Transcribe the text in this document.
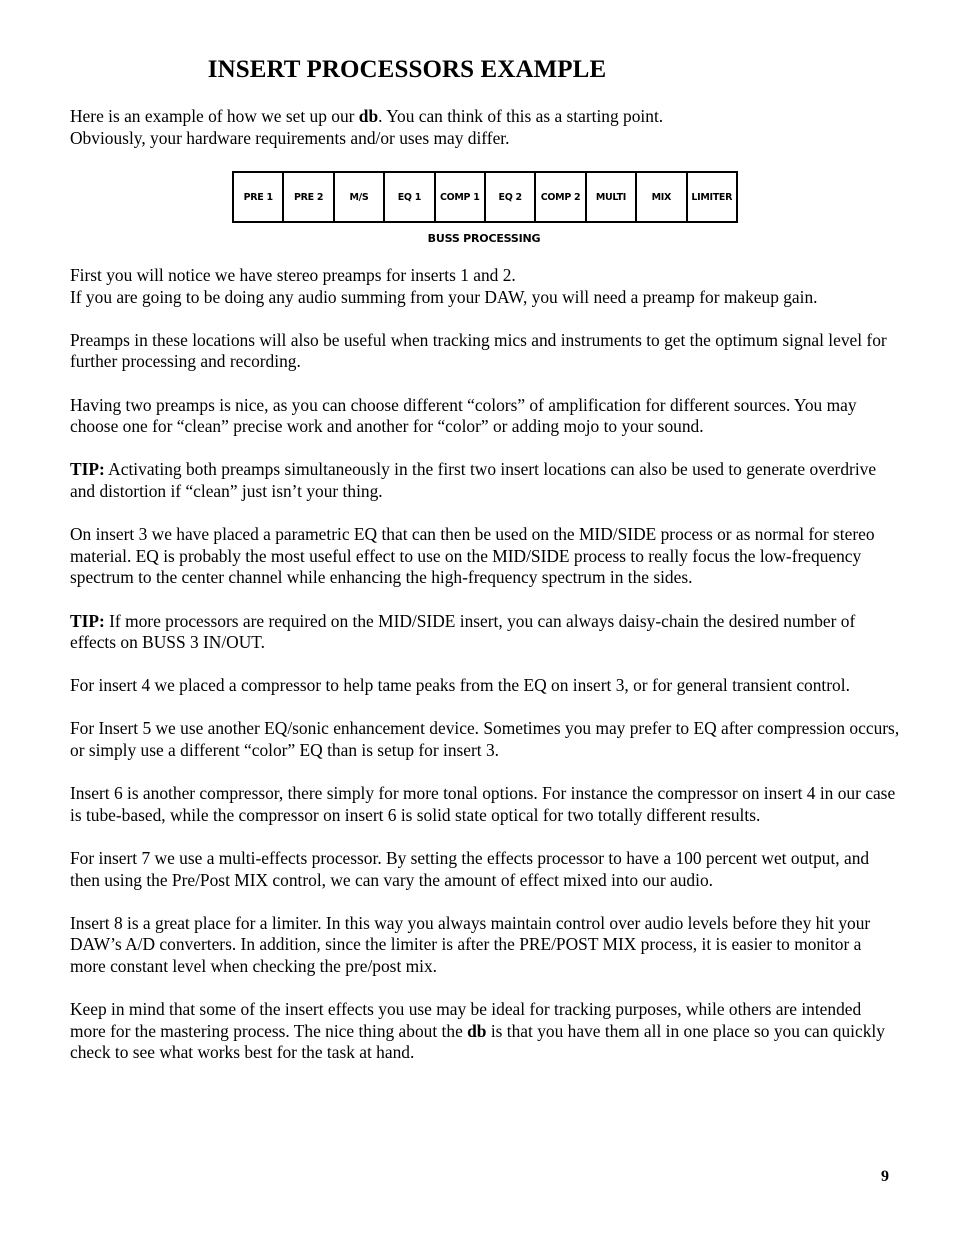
INSERT PROCESSORS EXAMPLE
Here is an example of how we set up our db. You can think of this as a starting point.
Obviously, your hardware requirements and/or uses may differ.
PRE 1	PRE 2	M/S	EQ 1	COMP 1	EQ 2	COMP 2	MULTI	MIX	LIMITER
BUSS PROCESSING

First you will notice we have stereo preamps for inserts 1 and 2.
If you are going to be doing any audio summing from your DAW, you will need a preamp for makeup gain.

Preamps in these locations will also be useful when tracking mics and instruments to get the optimum signal level for further processing and recording.

Having two preamps is nice, as you can choose different “colors” of amplification for different sources. You may choose one for “clean” precise work and another for “color” or adding mojo to your sound.

TIP: Activating both preamps simultaneously in the first two insert locations can also be used to generate overdrive and distortion if “clean” just isn’t your thing.

On insert 3 we have placed a parametric EQ that can then be used on the MID/SIDE process or as normal for stereo material. EQ is probably the most useful effect to use on the MID/SIDE process to really focus the low-frequency spectrum to the center channel while enhancing the high-frequency spectrum in the sides.

TIP: If more processors are required on the MID/SIDE insert, you can always daisy-chain the desired number of effects on BUSS 3 IN/OUT.

For insert 4 we placed a compressor to help tame peaks from the EQ on insert 3, or for general transient control.

For Insert 5 we use another EQ/sonic enhancement device. Sometimes you may prefer to EQ after compression occurs, or simply use a different “color” EQ than is setup for insert 3.

Insert 6 is another compressor, there simply for more tonal options. For instance the compressor on insert 4 in our case is tube-based, while the compressor on insert 6 is solid state optical for two totally different results.

For insert 7 we use a multi-effects processor. By setting the effects processor to have a 100 percent wet output, and then using the Pre/Post MIX control, we can vary the amount of effect mixed into our audio.

Insert 8 is a great place for a limiter. In this way you always maintain control over audio levels before they hit your DAW’s A/D converters. In addition, since the limiter is after the PRE/POST MIX process, it is easier to monitor a more constant level when checking the pre/post mix.

Keep in mind that some of the insert effects you use may be ideal for tracking purposes, while others are intended more for the mastering process. The nice thing about the db is that you have them all in one place so you can quickly check to see what works best for the task at hand.

9
